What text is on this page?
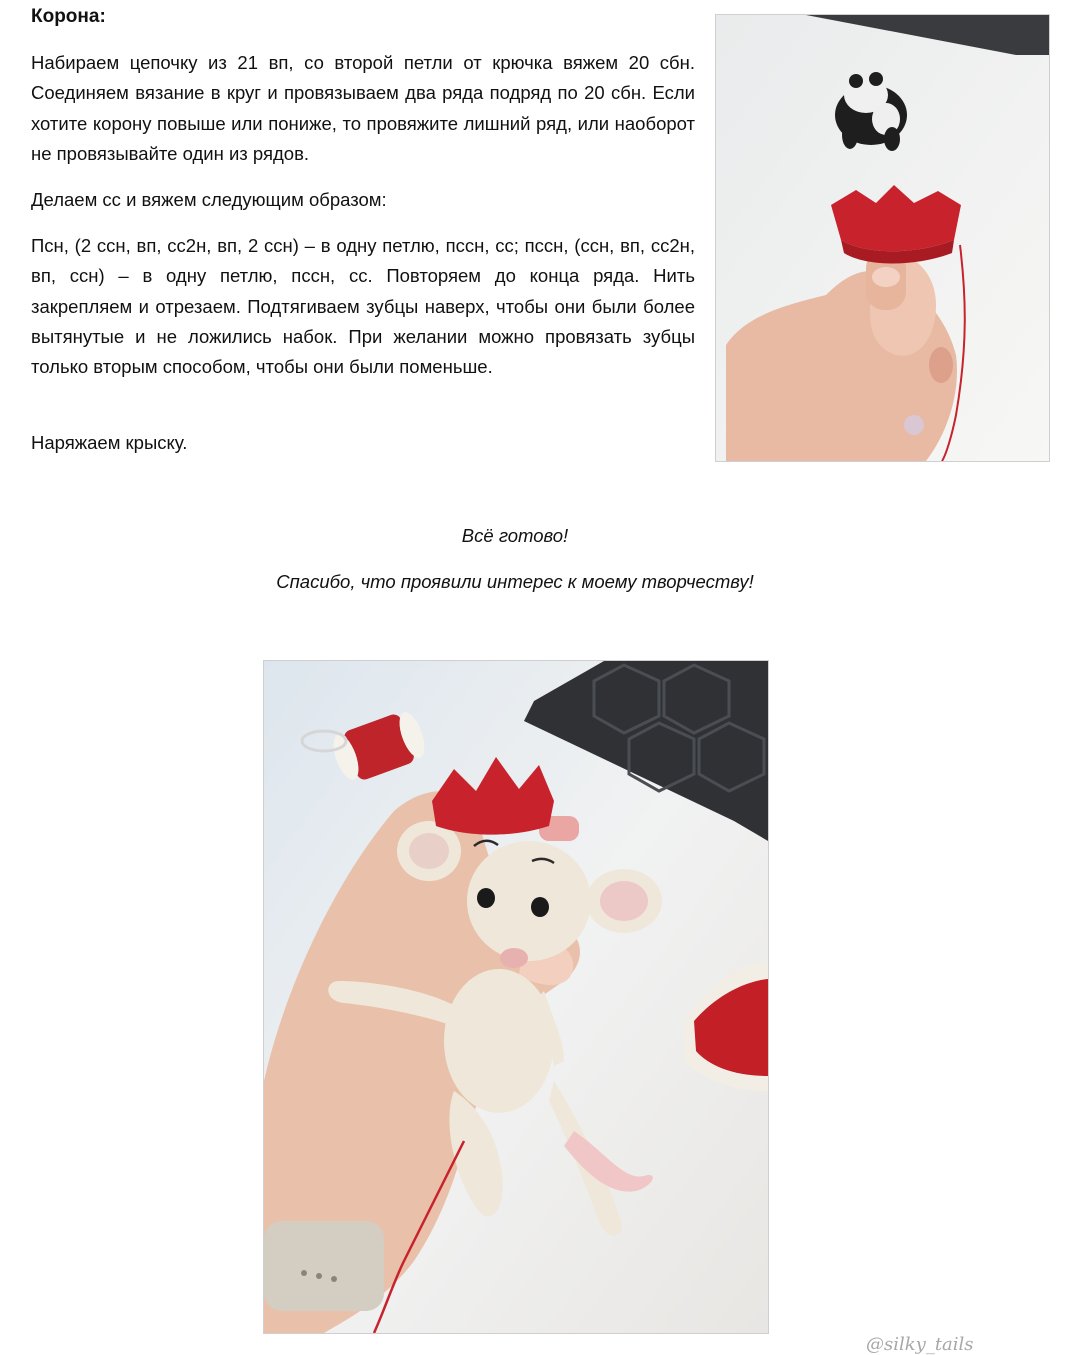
Корона:

Набираем цепочку из 21 вп, со второй петли от крючка вяжем 20 сбн. Соединяем вязание в круг и провязываем два ряда подряд по 20 сбн. Если хотите корону повыше или пониже, то провяжите лишний ряд, или наоборот не провязывайте один из рядов.

Делаем сс и вяжем следующим образом:

Псн, (2 ссн, вп, сс2н, вп, 2 ссн) – в одну петлю, пссн, сс; пссн, (ссн, вп, сс2н, вп, ссн) – в одну петлю, пссн, сс. Повторяем до конца ряда. Нить закрепляем и отрезаем. Подтягиваем зубцы наверх, чтобы они были более вытянутые и не ложились набок. При желании можно провязать зубцы только вторым способом, чтобы они были поменьше.

Наряжаем крыску.

Всё готово!

Спасибо, что проявили интерес к моему творчеству!

@silky_tails
